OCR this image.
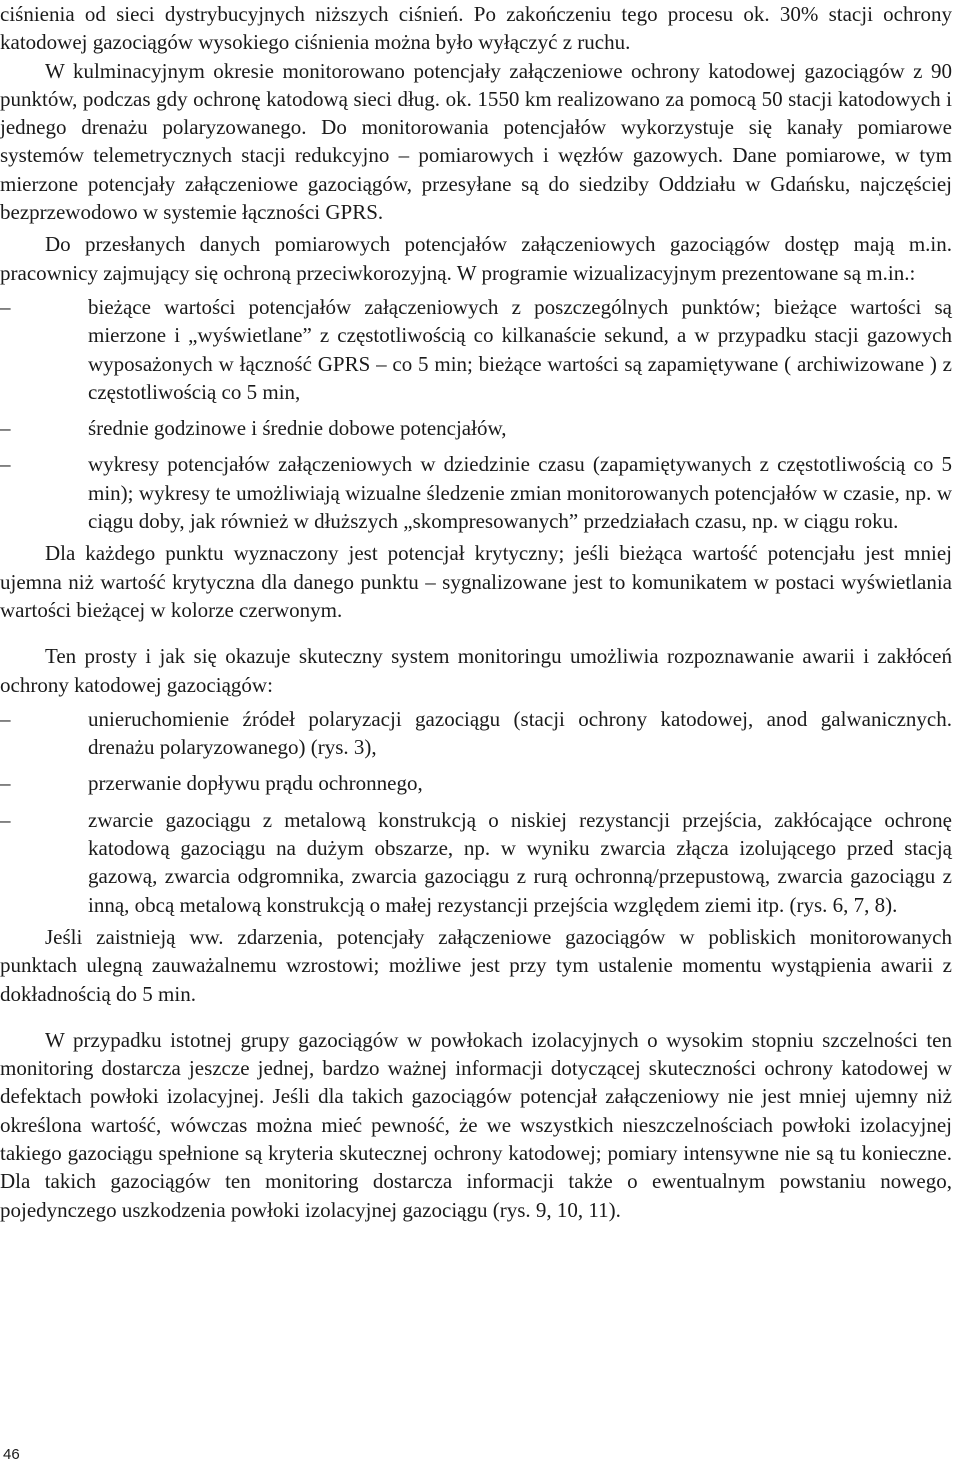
ciśnienia od sieci dystrybucyjnych niższych ciśnień. Po zakończeniu tego procesu ok. 30% stacji ochrony katodowej gazociągów wysokiego ciśnienia można było wyłączyć z ruchu.

W kulminacyjnym okresie monitorowano potencjały załączeniowe ochrony katodowej gazociągów z 90 punktów, podczas gdy ochronę katodową sieci dług. ok. 1550 km realizowano za pomocą 50 stacji katodowych i jednego drenażu polaryzowanego. Do monitorowania potencjałów wykorzystuje się kanały pomiarowe systemów telemetrycznych stacji redukcyjno – pomiarowych i węzłów gazowych. Dane pomiarowe, w tym mierzone potencjały załączeniowe gazociągów, przesyłane są do siedziby Oddziału w Gdańsku, najczęściej bezprzewodowo w systemie łączności GPRS.

Do przesłanych danych pomiarowych potencjałów załączeniowych gazociągów dostęp mają m.in. pracownicy zajmujący się ochroną przeciwkorozyjną. W programie wizualizacyjnym prezentowane są m.in.:

–	bieżące wartości potencjałów załączeniowych z poszczególnych punktów; bieżące wartości są mierzone i „wyświetlane” z częstotliwością co kilkanaście sekund, a w przypadku stacji gazowych wyposażonych w łączność GPRS – co 5 min; bieżące wartości są zapamiętywane ( archiwizowane ) z częstotliwością co 5 min,
–	średnie godzinowe i średnie dobowe potencjałów,
–	wykresy potencjałów załączeniowych w dziedzinie czasu (zapamiętywanych z częstotliwością co 5 min); wykresy te umożliwiają wizualne śledzenie zmian monitorowanych potencjałów w czasie, np. w ciągu doby, jak również w dłuższych „skompresowanych” przedziałach czasu, np. w ciągu roku.

Dla każdego punktu wyznaczony jest potencjał krytyczny; jeśli bieżąca wartość potencjału jest mniej ujemna niż wartość krytyczna dla danego punktu – sygnalizowane jest to komunikatem w postaci wyświetlania wartości bieżącej w kolorze czerwonym.

Ten prosty i jak się okazuje skuteczny system monitoringu umożliwia rozpoznawanie awarii i zakłóceń ochrony katodowej gazociągów:

–	unieruchomienie źródeł polaryzacji gazociągu (stacji ochrony katodowej, anod galwanicznych. drenażu polaryzowanego) (rys. 3),
–	przerwanie dopływu prądu ochronnego,
–	zwarcie gazociągu z metalową konstrukcją o niskiej rezystancji przejścia, zakłócające ochronę katodową gazociągu na dużym obszarze, np. w wyniku zwarcia złącza izolującego przed stacją gazową, zwarcia odgromnika, zwarcia gazociągu z rurą ochronną/przepustową, zwarcia gazociągu z inną, obcą metalową konstrukcją o małej rezystancji przejścia względem ziemi itp. (rys. 6, 7, 8).

Jeśli zaistnieją ww. zdarzenia, potencjały załączeniowe gazociągów w pobliskich monitorowanych punktach ulegną zauważalnemu wzrostowi; możliwe jest przy tym ustalenie momentu wystąpienia awarii z dokładnością do 5 min.

W przypadku istotnej grupy gazociągów w powłokach izolacyjnych o wysokim stopniu szczelności ten monitoring dostarcza jeszcze jednej, bardzo ważnej informacji dotyczącej skuteczności ochrony katodowej w defektach powłoki izolacyjnej. Jeśli dla takich gazociągów potencjał załączeniowy nie jest mniej ujemny niż określona wartość, wówczas można mieć pewność, że we wszystkich nieszczelnościach powłoki izolacyjnej takiego gazociągu spełnione są kryteria skutecznej ochrony katodowej; pomiary intensywne nie są tu konieczne. Dla takich gazociągów ten monitoring dostarcza informacji także o ewentualnym powstaniu nowego, pojedynczego uszkodzenia powłoki izolacyjnej gazociągu (rys. 9, 10, 11).

46
